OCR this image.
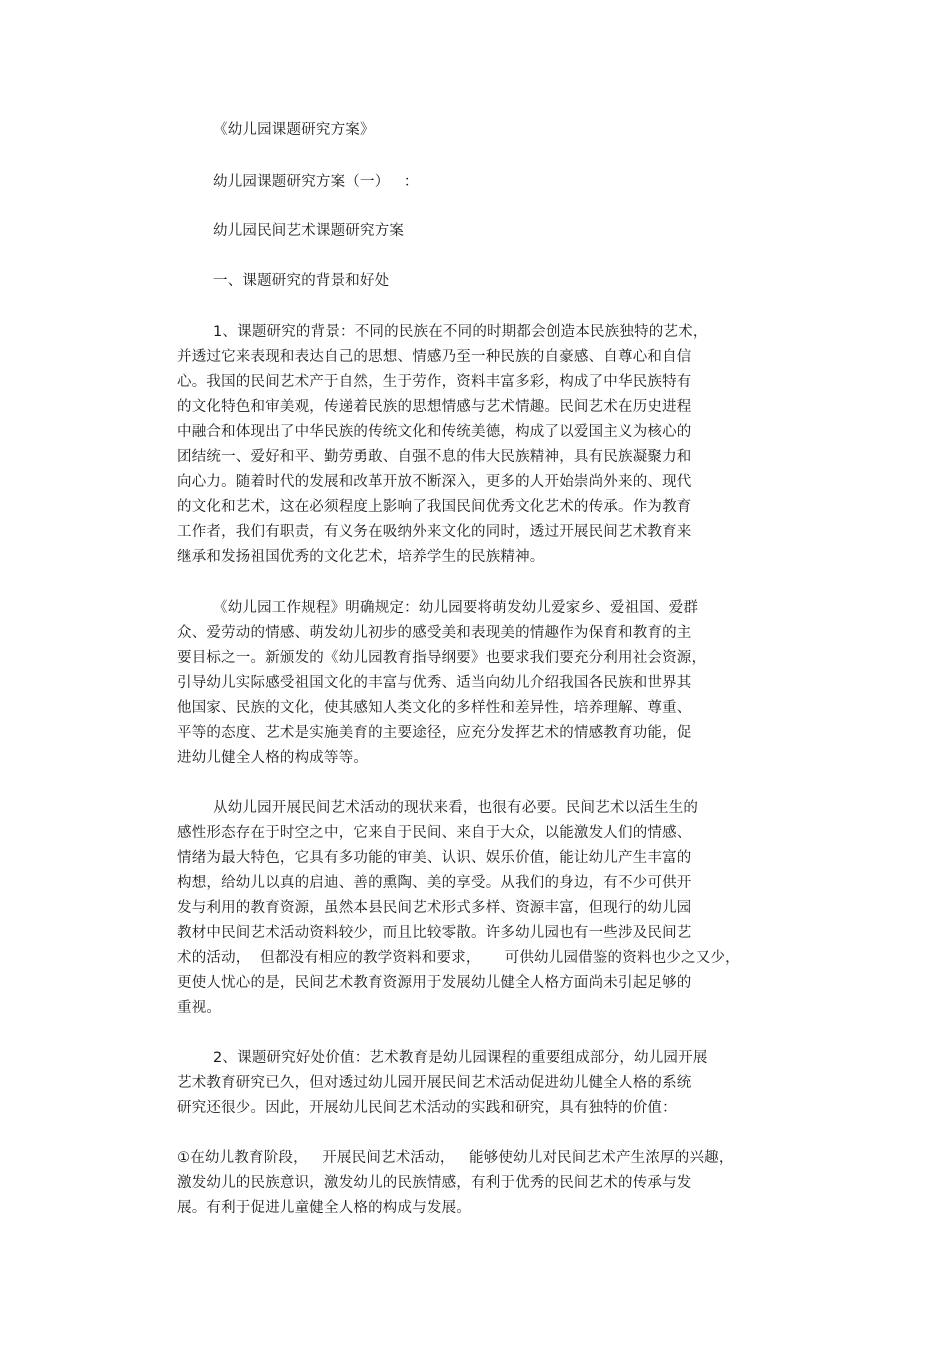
《幼儿园课题研究方案》
幼儿园课题研究方案（一）   ：
幼儿园民间艺术课题研究方案
一、课题研究的背景和好处
1、课题研究的背景：不同的民族在不同的时期都会创造本民族独特的艺术，
并透过它来表现和表达自己的思想、情感乃至一种民族的自豪感、自尊心和自信
心。我国的民间艺术产于自然，生于劳作，资料丰富多彩，构成了中华民族特有
的文化特色和审美观，传递着民族的思想情感与艺术情趣。民间艺术在历史进程
中融合和体现出了中华民族的传统文化和传统美德，构成了以爱国主义为核心的
团结统一、爱好和平、勤劳勇敢、自强不息的伟大民族精神，具有民族凝聚力和
向心力。随着时代的发展和改革开放不断深入，更多的人开始崇尚外来的、现代
的文化和艺术，这在必须程度上影响了我国民间优秀文化艺术的传承。作为教育
工作者，我们有职责，有义务在吸纳外来文化的同时，透过开展民间艺术教育来
继承和发扬祖国优秀的文化艺术，培养学生的民族精神。
《幼儿园工作规程》明确规定：幼儿园要将萌发幼儿爱家乡、爱祖国、爱群
众、爱劳动的情感、萌发幼儿初步的感受美和表现美的情趣作为保育和教育的主
要目标之一。新颁发的《幼儿园教育指导纲要》也要求我们要充分利用社会资源，
引导幼儿实际感受祖国文化的丰富与优秀、适当向幼儿介绍我国各民族和世界其
他国家、民族的文化，使其感知人类文化的多样性和差异性，培养理解、尊重、
平等的态度、艺术是实施美育的主要途径，应充分发挥艺术的情感教育功能，促
进幼儿健全人格的构成等等。
从幼儿园开展民间艺术活动的现状来看，也很有必要。民间艺术以活生生的
感性形态存在于时空之中，它来自于民间、来自于大众，以能激发人们的情感、
情绪为最大特色，它具有多功能的审美、认识、娱乐价值，能让幼儿产生丰富的
构想，给幼儿以真的启迪、善的熏陶、美的享受。从我们的身边，有不少可供开
发与利用的教育资源，虽然本县民间艺术形式多样、资源丰富，但现行的幼儿园
教材中民间艺术活动资料较少，而且比较零散。许多幼儿园也有一些涉及民间艺
术的活动，  但都没有相应的教学资料和要求，     可供幼儿园借鉴的资料也少之又少，
更使人忧心的是，民间艺术教育资源用于发展幼儿健全人格方面尚未引起足够的
重视。
2、课题研究好处价值：艺术教育是幼儿园课程的重要组成部分，幼儿园开展
艺术教育研究已久，但对透过幼儿园开展民间艺术活动促进幼儿健全人格的系统
研究还很少。因此，开展幼儿民间艺术活动的实践和研究，具有独特的价值：
①在幼儿教育阶段，   开展民间艺术活动，   能够使幼儿对民间艺术产生浓厚的兴趣，
激发幼儿的民族意识，激发幼儿的民族情感，有利于优秀的民间艺术的传承与发
展。有利于促进儿童健全人格的构成与发展。
